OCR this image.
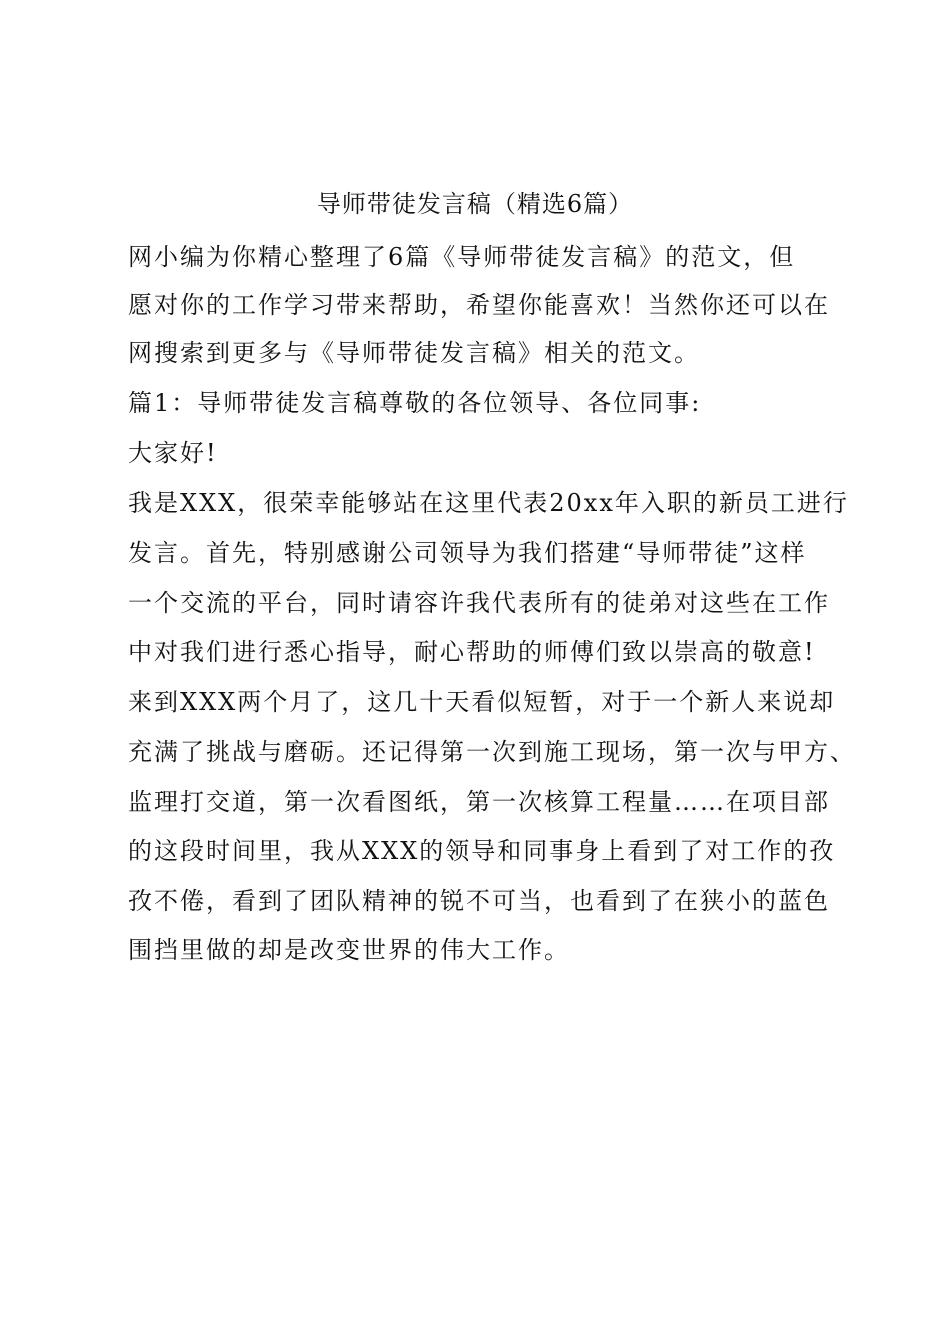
导师带徒发言稿（精选6篇）
网小编为你精心整理了6篇《导师带徒发言稿》的范文，但
愿对你的工作学习带来帮助，希望你能喜欢！当然你还可以在
网搜索到更多与《导师带徒发言稿》相关的范文。
篇1：导师带徒发言稿尊敬的各位领导、各位同事:
大家好!
我是XXX，很荣幸能够站在这里代表20xx年入职的新员工进行
发言。首先，特别感谢公司领导为我们搭建“导师带徒”这样
一个交流的平台，同时请容许我代表所有的徒弟对这些在工作
中对我们进行悉心指导，耐心帮助的师傅们致以崇高的敬意!
来到XXX两个月了，这几十天看似短暂，对于一个新人来说却
充满了挑战与磨砺。还记得第一次到施工现场，第一次与甲方、
监理打交道，第一次看图纸，第一次核算工程量……在项目部
的这段时间里，我从XXX的领导和同事身上看到了对工作的孜
孜不倦，看到了团队精神的锐不可当，也看到了在狭小的蓝色
围挡里做的却是改变世界的伟大工作。
